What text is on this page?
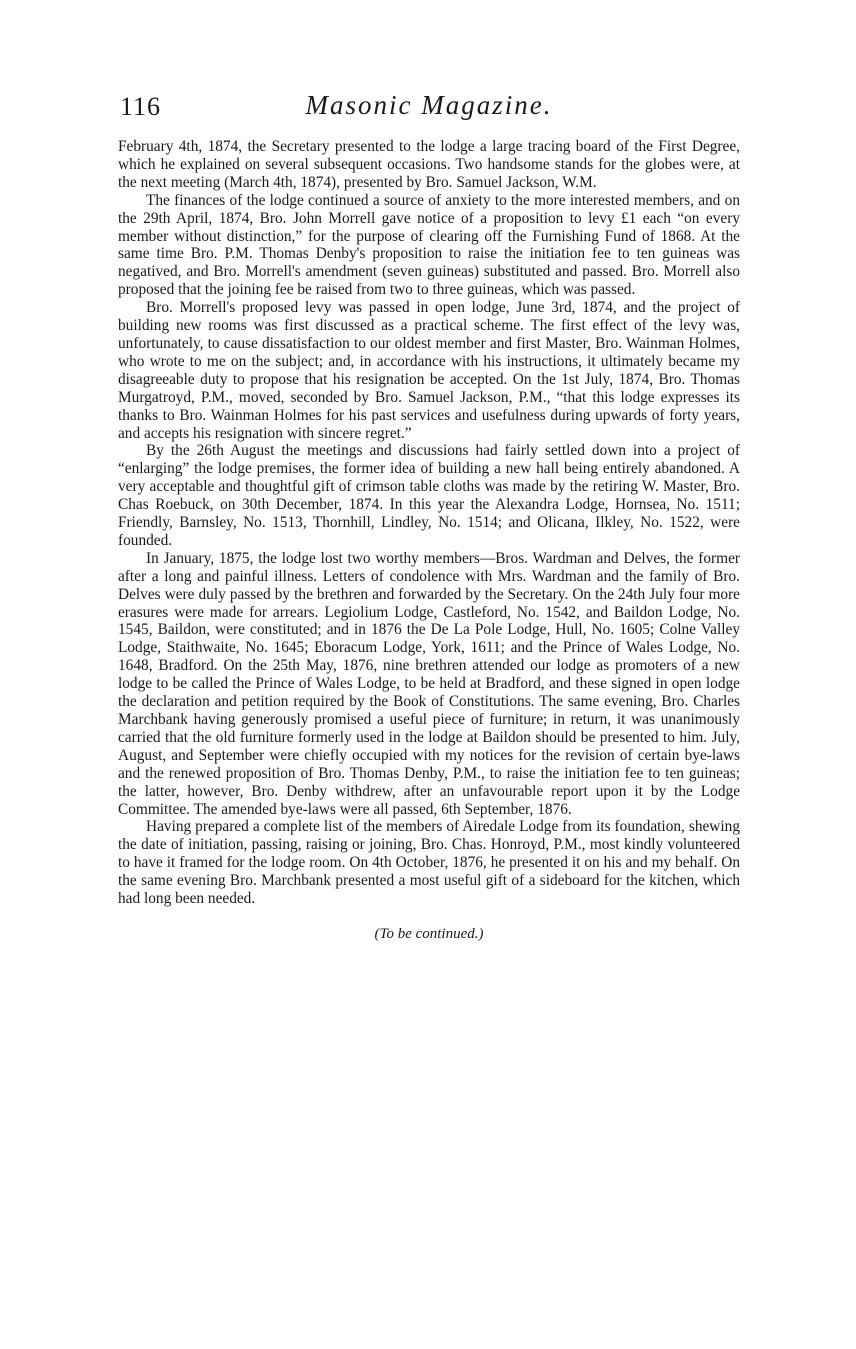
116	Masonic Magazine.

February 4th, 1874, the Secretary presented to the lodge a large tracing board of the First Degree, which he explained on several subsequent occasions. Two handsome stands for the globes were, at the next meeting (March 4th, 1874), presented by Bro. Samuel Jackson, W.M.

The finances of the lodge continued a source of anxiety to the more interested members, and on the 29th April, 1874, Bro. John Morrell gave notice of a proposition to levy £1 each “on every member without distinction,” for the purpose of clearing off the Furnishing Fund of 1868. At the same time Bro. P.M. Thomas Denby's proposition to raise the initiation fee to ten guineas was negatived, and Bro. Morrell's amendment (seven guineas) substituted and passed. Bro. Morrell also proposed that the joining fee be raised from two to three guineas, which was passed.

Bro. Morrell's proposed levy was passed in open lodge, June 3rd, 1874, and the project of building new rooms was first discussed as a practical scheme. The first effect of the levy was, unfortunately, to cause dissatisfaction to our oldest member and first Master, Bro. Wainman Holmes, who wrote to me on the subject; and, in accordance with his instructions, it ultimately became my disagreeable duty to propose that his resignation be accepted. On the 1st July, 1874, Bro. Thomas Murgatroyd, P.M., moved, seconded by Bro. Samuel Jackson, P.M., “that this lodge expresses its thanks to Bro. Wainman Holmes for his past services and usefulness during upwards of forty years, and accepts his resignation with sincere regret.”

By the 26th August the meetings and discussions had fairly settled down into a project of “enlarging” the lodge premises, the former idea of building a new hall being entirely abandoned. A very acceptable and thoughtful gift of crimson table cloths was made by the retiring W. Master, Bro. Chas Roebuck, on 30th December, 1874. In this year the Alexandra Lodge, Hornsea, No. 1511; Friendly, Barnsley, No. 1513, Thornhill, Lindley, No. 1514; and Olicana, Ilkley, No. 1522, were founded.

In January, 1875, the lodge lost two worthy members—Bros. Wardman and Delves, the former after a long and painful illness. Letters of condolence with Mrs. Wardman and the family of Bro. Delves were duly passed by the brethren and forwarded by the Secretary. On the 24th July four more erasures were made for arrears. Legiolium Lodge, Castleford, No. 1542, and Baildon Lodge, No. 1545, Baildon, were constituted; and in 1876 the De La Pole Lodge, Hull, No. 1605; Colne Valley Lodge, Staithwaite, No. 1645; Eboracum Lodge, York, 1611; and the Prince of Wales Lodge, No. 1648, Bradford. On the 25th May, 1876, nine brethren attended our lodge as promoters of a new lodge to be called the Prince of Wales Lodge, to be held at Bradford, and these signed in open lodge the declaration and petition required by the Book of Constitutions. The same evening, Bro. Charles Marchbank having generously promised a useful piece of furniture; in return, it was unanimously carried that the old furniture formerly used in the lodge at Baildon should be presented to him. July, August, and September were chiefly occupied with my notices for the revision of certain bye-laws and the renewed proposition of Bro. Thomas Denby, P.M., to raise the initiation fee to ten guineas; the latter, however, Bro. Denby withdrew, after an unfavourable report upon it by the Lodge Committee. The amended bye-laws were all passed, 6th September, 1876.

Having prepared a complete list of the members of Airedale Lodge from its foundation, shewing the date of initiation, passing, raising or joining, Bro. Chas. Honroyd, P.M., most kindly volunteered to have it framed for the lodge room. On 4th October, 1876, he presented it on his and my behalf. On the same evening Bro. Marchbank presented a most useful gift of a sideboard for the kitchen, which had long been needed.

(To be continued.)
